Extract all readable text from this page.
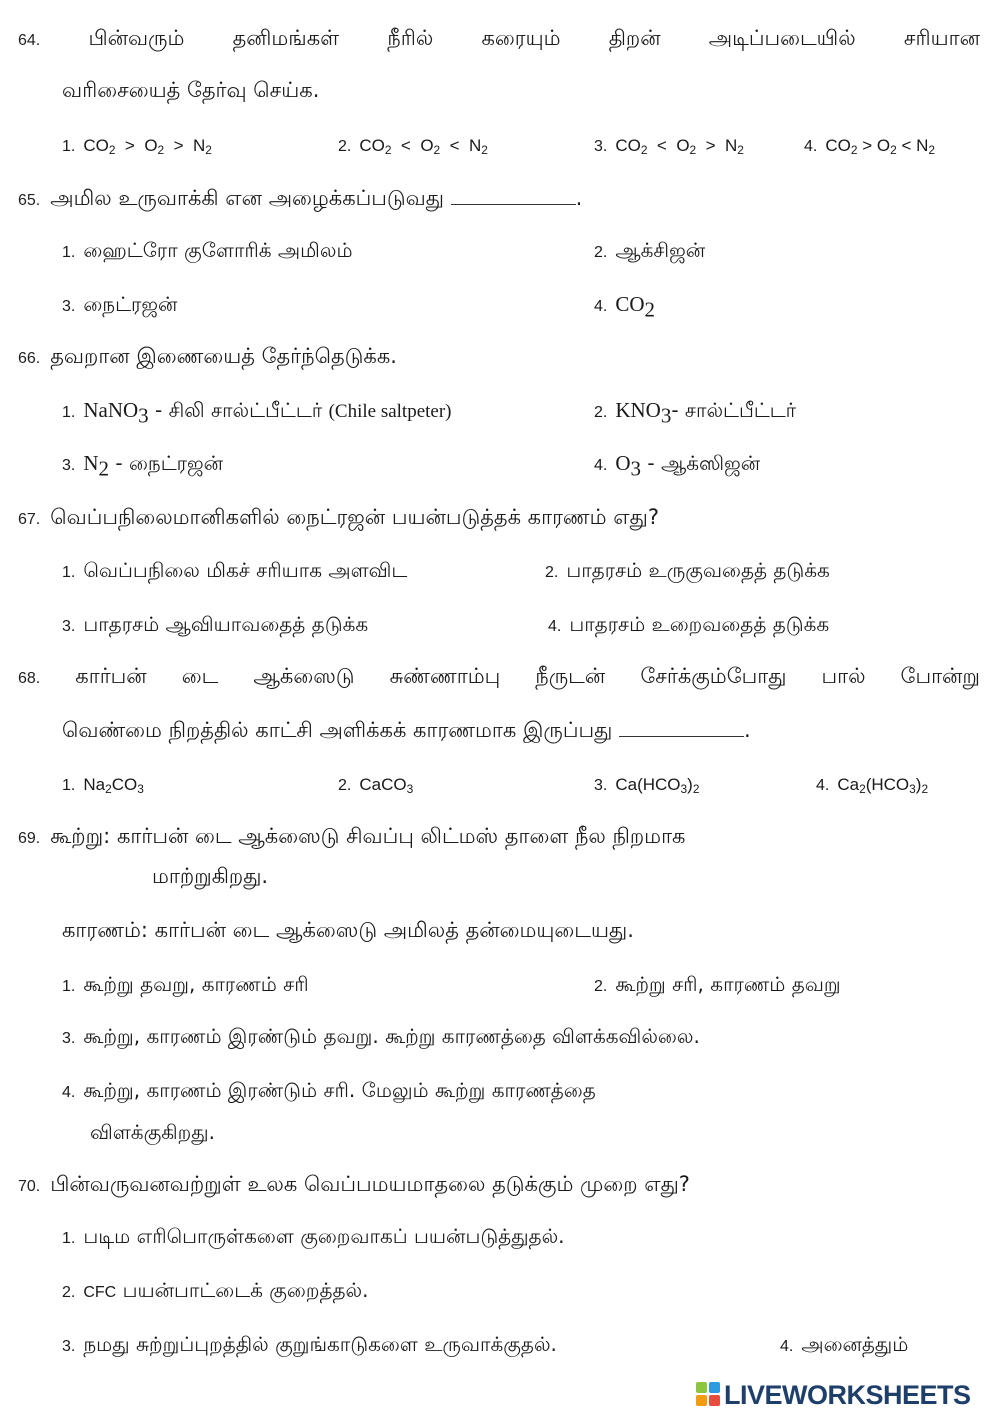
64. பின்வரும் தனிமங்கள் நீரில் கரையும் திறன் அடிப்படையில் சரியான
வரிசையைத் தேர்வு செய்க.
1. $CO_2 > O_2 > N_2$	2. $CO_2 < O_2 < N_2$	3. $CO_2 < O_2 > N_2$	4. $CO_2 > O_2 < N_2$
65. அமில உருவாக்கி என அழைக்கப்படுவது	.
1. ஹைட்ரோ குளோரிக் அமிலம்	2. ஆக்சிஜன்
3. நைட்ரஜன்	4. $CO_2$
66. தவறான இணையைத் தேர்ந்தெடுக்க.
1. NaNO$_3$ - சிலி சால்ட்பீட்டர் (Chile saltpeter)	2. $KNO_3-$ சால்ட்பீட்டர்
3. $N_2$ - நைட்ரஜன்	4. $O_3$ - ஆக்ஸிஜன்
67. வெப்பநிலைமானிகளில் நைட்ரஜன் பயன்படுத்தக் காரணம் எது?
1. வெப்பநிலை மிகச் சரியாக அளவிட	2. பாதரசம் உருகுவதைத் தடுக்க
3. பாதரசம் ஆவியாவதைத் தடுக்க	4. பாதரசம் உறைவதைத் தடுக்க
68. கார்பன் டை ஆக்ஸைடு சுண்ணாம்பு நீருடன் சேர்க்கும்போது பால் போன்று
வெண்மை நிறத்தில் காட்சி அளிக்கக் காரணமாக இருப்பது	.
1. $Na_2CO_3$	2. CaCO$_3$	3. $Ca(HCO_3)_2$	4. $Ca_2(HCO_3)_2$
69. கூற்று: கார்பன் டை ஆக்ஸைடு சிவப்பு லிட்மஸ் தாளை நீல நிறமாக
மாற்றுகிறது.
காரணம்: கார்பன் டை ஆக்ஸைடு அமிலத் தன்மையுடையது.
1. கூற்று தவறு, காரணம் சரி	2. கூற்று சரி, காரணம் தவறு
3. கூற்று, காரணம் இரண்டும் தவறு. கூற்று காரணத்தை விளக்கவில்லை.
4. கூற்று, காரணம் இரண்டும் சரி. மேலும் கூற்று காரணத்தை
விளக்குகிறது.
70. பின்வருவனவற்றுள் உலக வெப்பமயமாதலை தடுக்கும் முறை எது?
1. படிம எரிபொருள்களை குறைவாகப் பயன்படுத்துதல்.
2. CFC பயன்பாட்டைக் குறைத்தல்.
3. நமது சுற்றுப்புறத்தில் குறுங்காடுகளை உருவாக்குதல்.	4. அனைத்தும்
LIVEWORKSHEETS
